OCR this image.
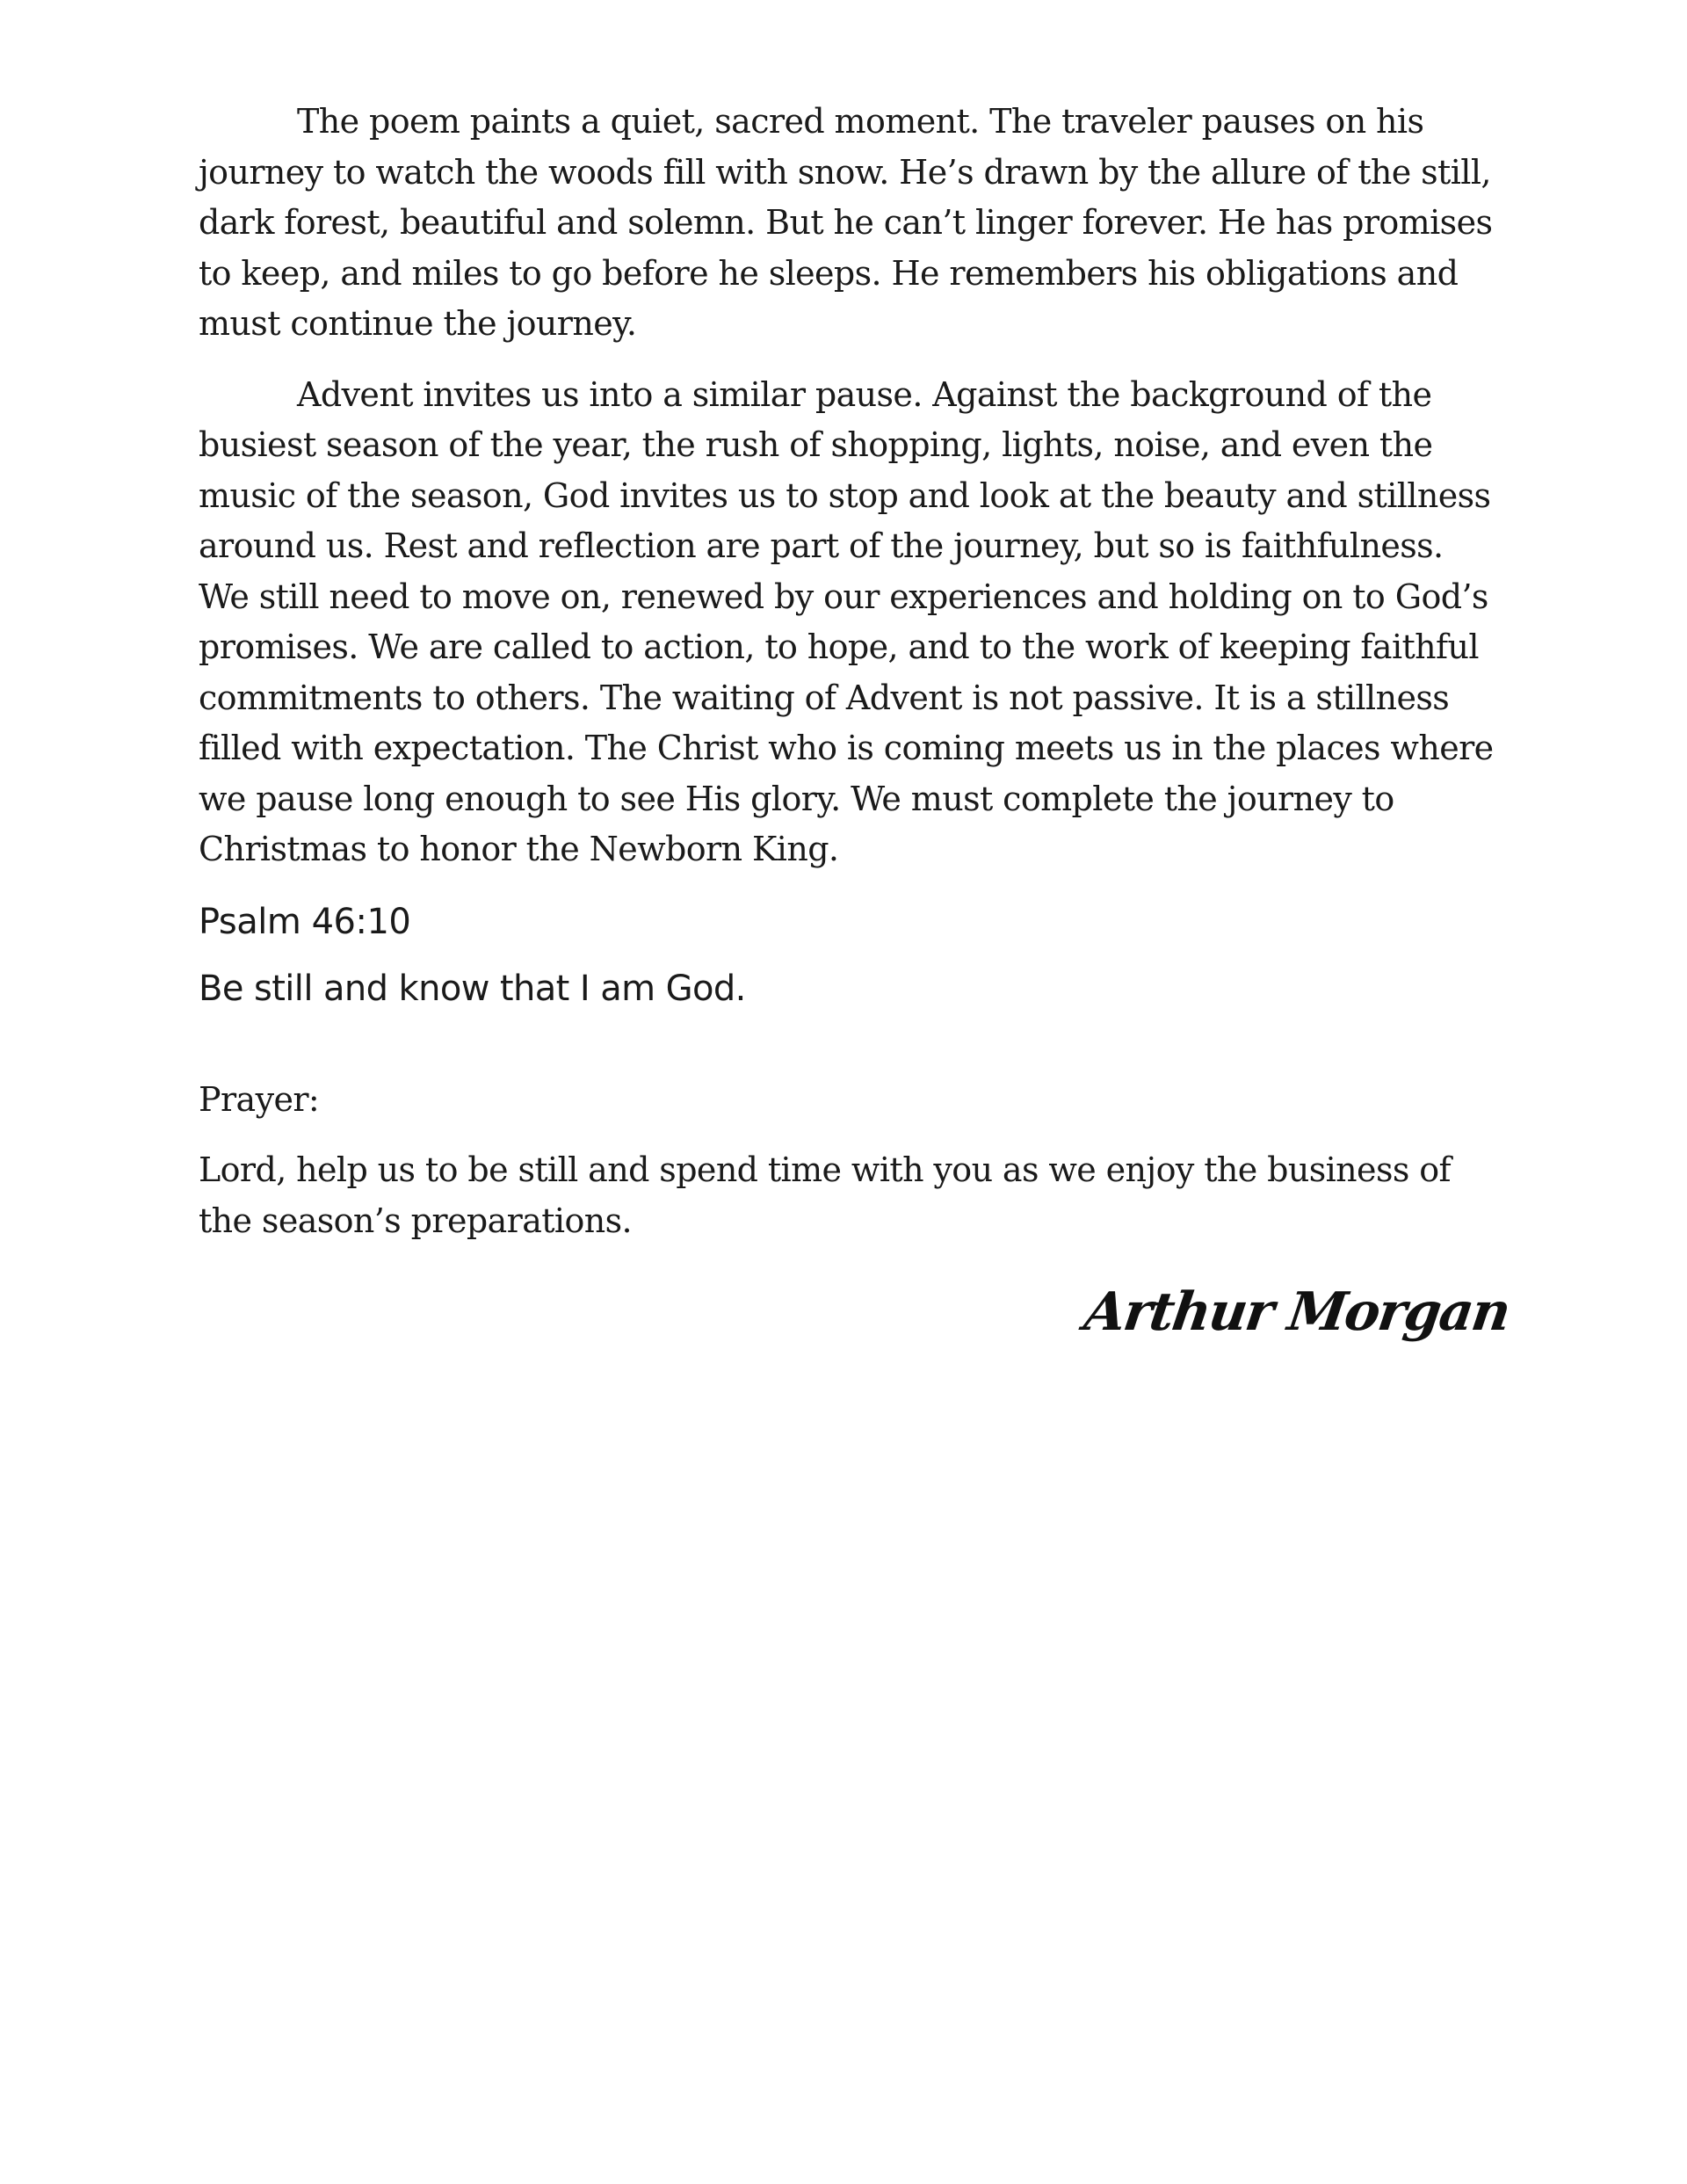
The poem paints a quiet, sacred moment. The traveler pauses on his journey to watch the woods fill with snow. He’s drawn by the allure of the still, dark forest, beautiful and solemn. But he can’t linger forever. He has promises to keep, and miles to go before he sleeps. He remembers his obligations and must continue the journey.

Advent invites us into a similar pause. Against the background of the busiest season of the year, the rush of shopping, lights, noise, and even the music of the season, God invites us to stop and look at the beauty and stillness around us. Rest and reflection are part of the journey, but so is faithfulness. We still need to move on, renewed by our experiences and holding on to God’s promises. We are called to action, to hope, and to the work of keeping faithful commitments to others. The waiting of Advent is not passive. It is a stillness filled with expectation. The Christ who is coming meets us in the places where we pause long enough to see His glory. We must complete the journey to Christmas to honor the Newborn King.

Psalm 46:10

Be still and know that I am God.

Prayer:

Lord, help us to be still and spend time with you as we enjoy the business of the season’s preparations.

Arthur Morgan
